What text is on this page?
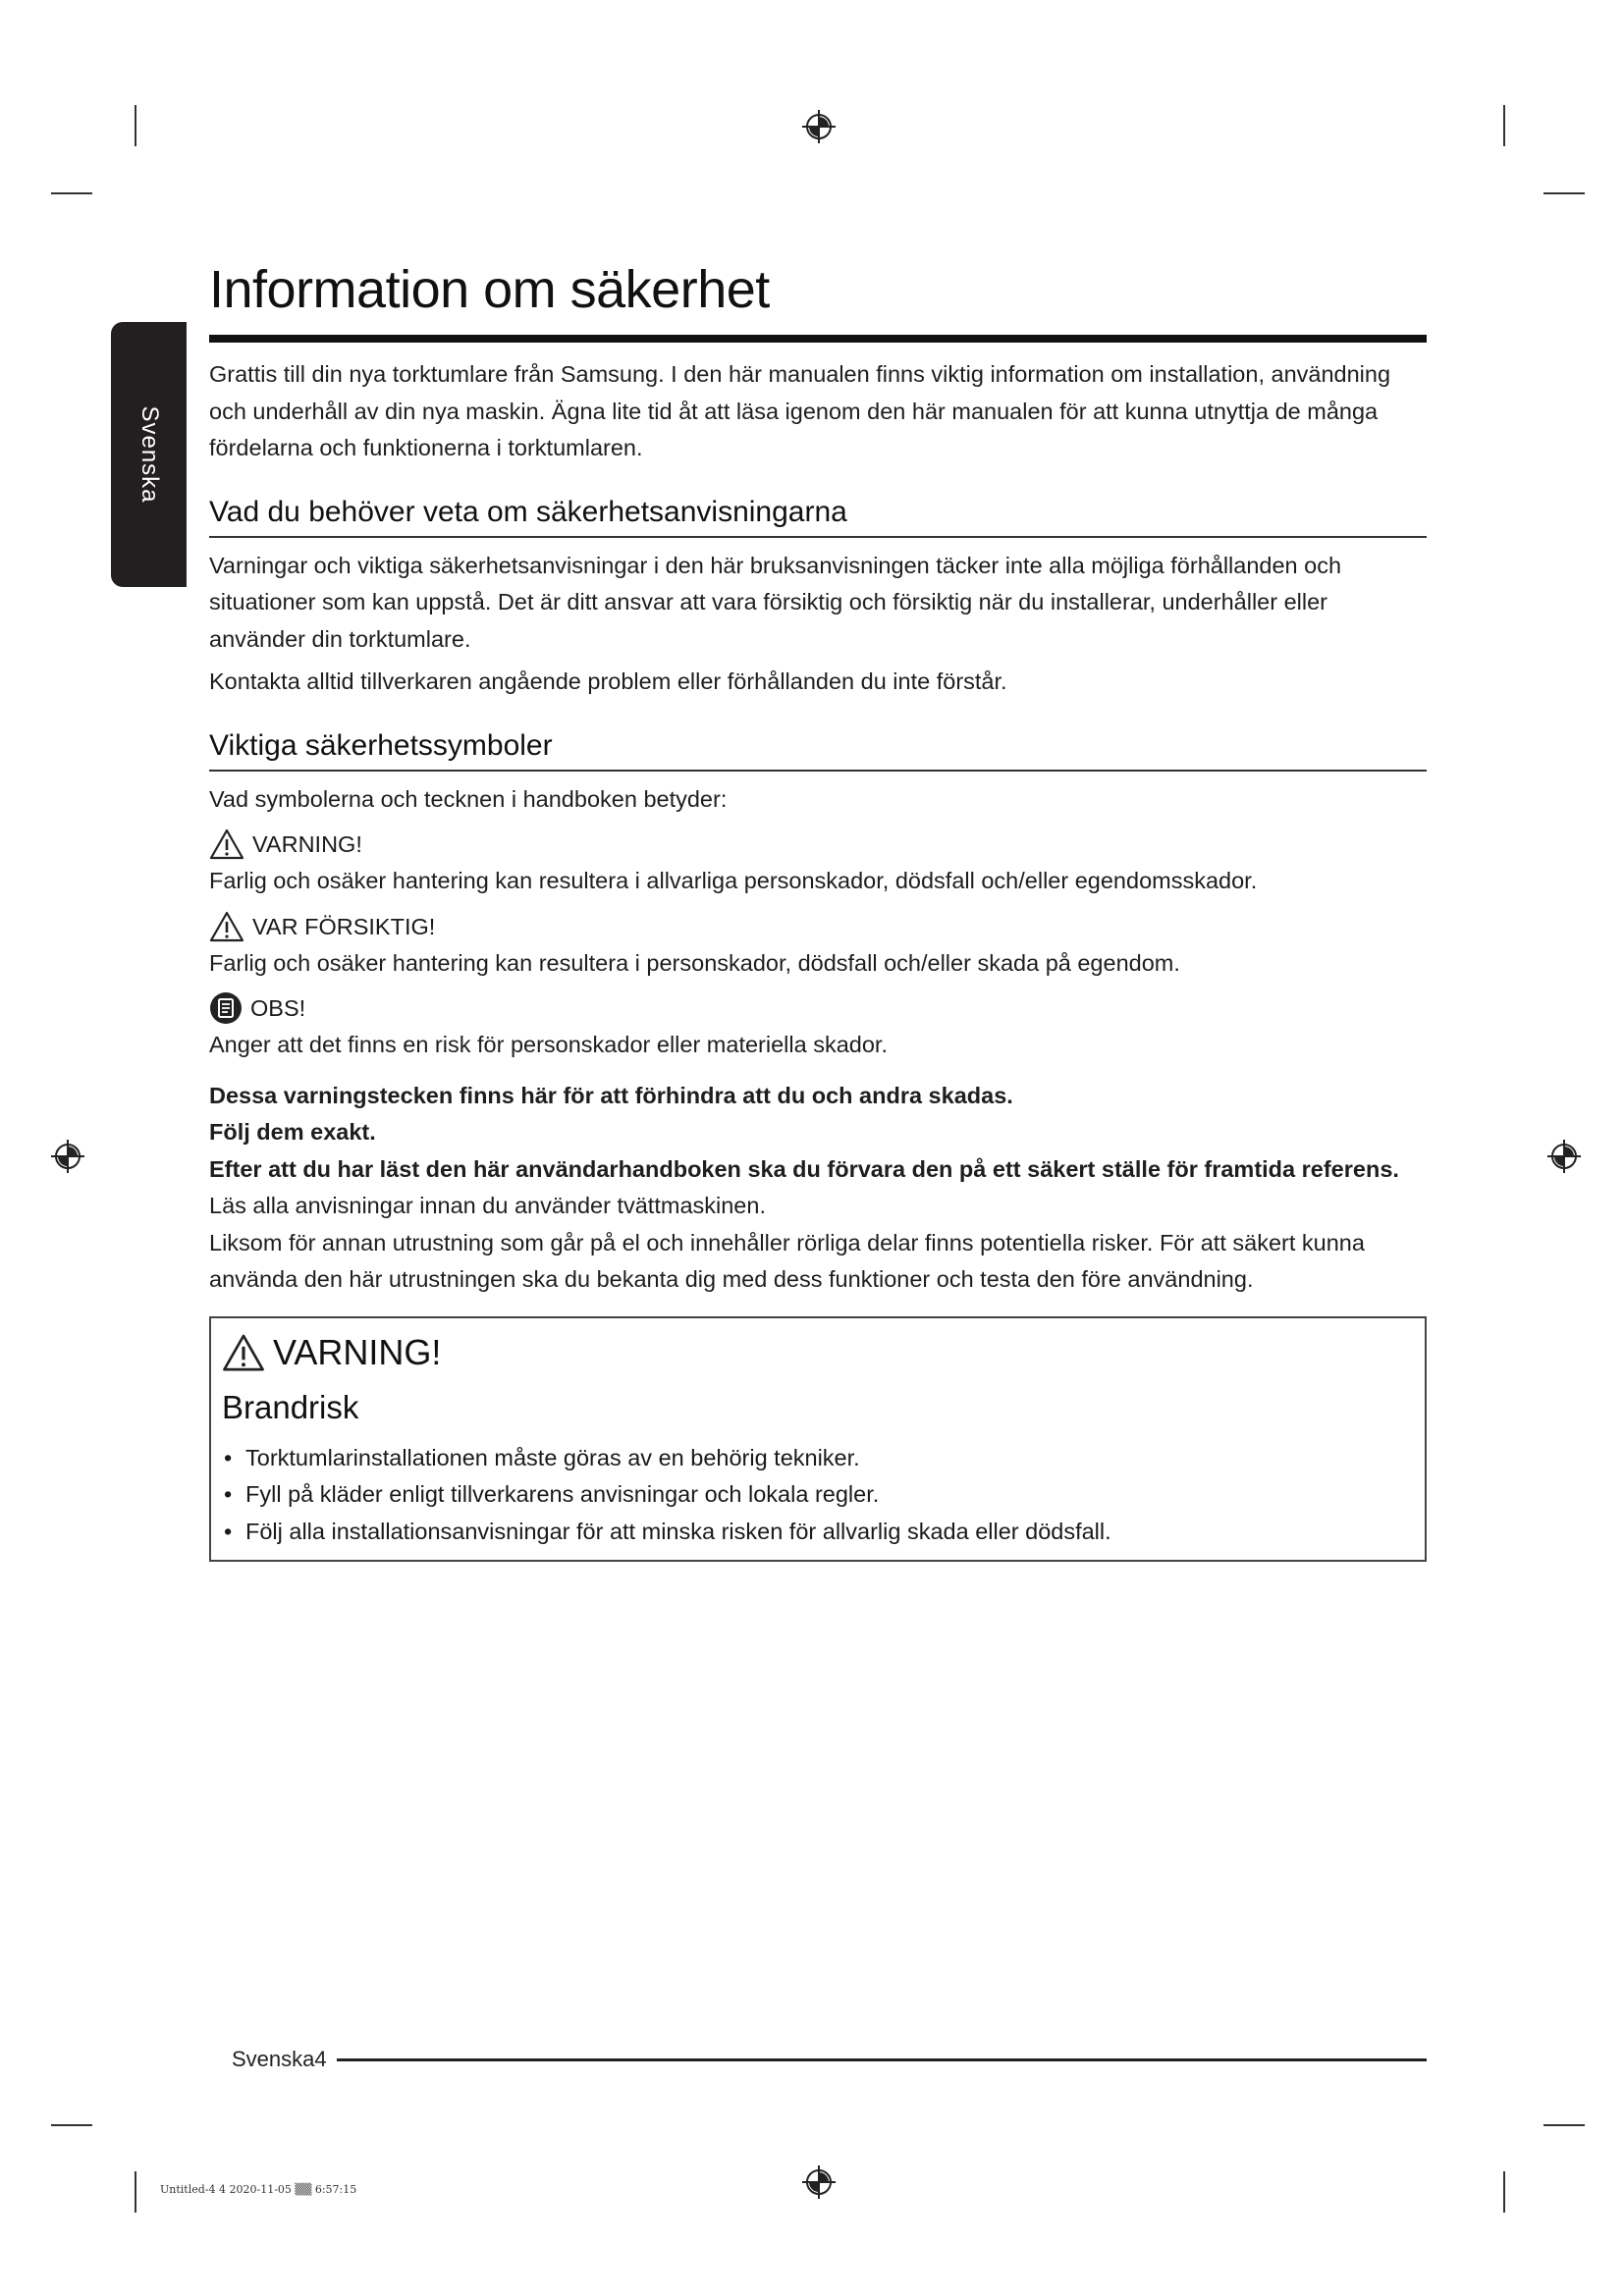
Svenska
Information om säkerhet

Grattis till din nya torktumlare från Samsung. I den här manualen finns viktig information om installation, användning och underhåll av din nya maskin. Ägna lite tid åt att läsa igenom den här manualen för att kunna utnyttja de många fördelarna och funktionerna i torktumlaren.

Vad du behöver veta om säkerhetsanvisningarna

Varningar och viktiga säkerhetsanvisningar i den här bruksanvisningen täcker inte alla möjliga förhållanden och situationer som kan uppstå. Det är ditt ansvar att vara försiktig och försiktig när du installerar, underhåller eller använder din torktumlare.

Kontakta alltid tillverkaren angående problem eller förhållanden du inte förstår.

Viktiga säkerhetssymboler

Vad symbolerna och tecknen i handboken betyder:

VARNING!

Farlig och osäker hantering kan resultera i allvarliga personskador, dödsfall och/eller egendomsskador.

VAR FÖRSIKTIG!

Farlig och osäker hantering kan resultera i personskador, dödsfall och/eller skada på egendom.

OBS!

Anger att det finns en risk för personskador eller materiella skador.

Dessa varningstecken finns här för att förhindra att du och andra skadas.

Följ dem exakt.

Efter att du har läst den här användarhandboken ska du förvara den på ett säkert ställe för framtida referens.

Läs alla anvisningar innan du använder tvättmaskinen.

Liksom för annan utrustning som går på el och innehåller rörliga delar finns potentiella risker. För att säkert kunna använda den här utrustningen ska du bekanta dig med dess funktioner och testa den före användning.

VARNING!
Brandrisk
• Torktumlarinstallationen måste göras av en behörig tekniker.
• Fyll på kläder enligt tillverkarens anvisningar och lokala regler.
• Följ alla installationsanvisningar för att minska risken för allvarlig skada eller dödsfall.
Svenska4
Untitled-4 4 2020-11-05 ▒▒ 6:57:15
